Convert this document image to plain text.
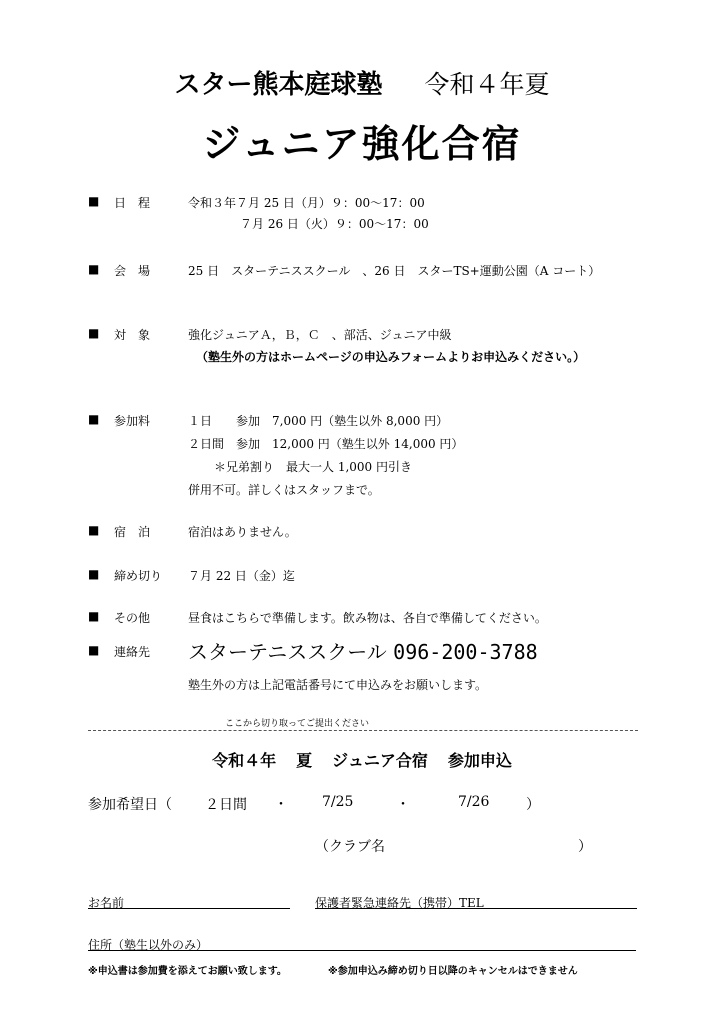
スター熊本庭球塾 令和４年夏
ジュニア強化合宿
■ 日　程	令和３年７月 25 日（月）９：00～17：00
７月 26 日（火）９：00～17：00
■ 会　場	25 日　スターテニススクール　、26 日　スターTS+運動公園（A コート）
■ 対　象	強化ジュニアＡ，Ｂ，Ｃ　、部活、ジュニア中級
（塾生外の方はホームページの申込みフォームよりお申込みください。）
■ 参加料	１日　　参加　7,000 円（塾生以外 8,000 円）
２日間　参加　12,000 円（塾生以外 14,000 円）
＊兄弟割り　最大一人 1,000 円引き
併用不可。詳しくはスタッフまで。
■ 宿　泊	宿泊はありません。
■ 締め切り ７月 22 日（金）迄
■ その他	昼食はこちらで準備します。飲み物は、各自で準備してください。
■ 連絡先 スターテニススクール 096-200-3788
塾生外の方は上記電話番号にて申込みをお願いします。
ここから切り取ってご提出ください
令和４年 夏 ジュニア合宿 参加申込
参加希望日（ ２日間 ・ 7/25	・	7/26	）
（クラブ名	）
お名前	保護者緊急連絡先（携帯）TEL
住所（塾生以外のみ）
※申込書は参加費を添えてお願い致します。	※参加申込み締め切り日以降のキャンセルはできません
